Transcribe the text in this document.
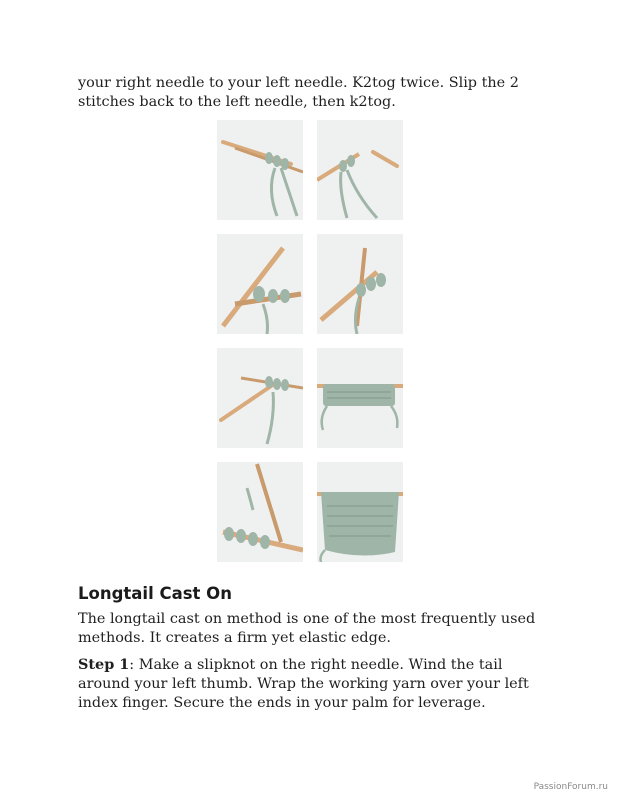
your right needle to your left needle. K2tog twice. Slip the 2 stitches back to the left needle, then k2tog.

Longtail Cast On

The longtail cast on method is one of the most frequently used methods. It creates a firm yet elastic edge.

Step 1: Make a slipknot on the right needle. Wind the tail around your left thumb. Wrap the working yarn over your left index finger. Secure the ends in your palm for leverage.

PassionForum.ru
